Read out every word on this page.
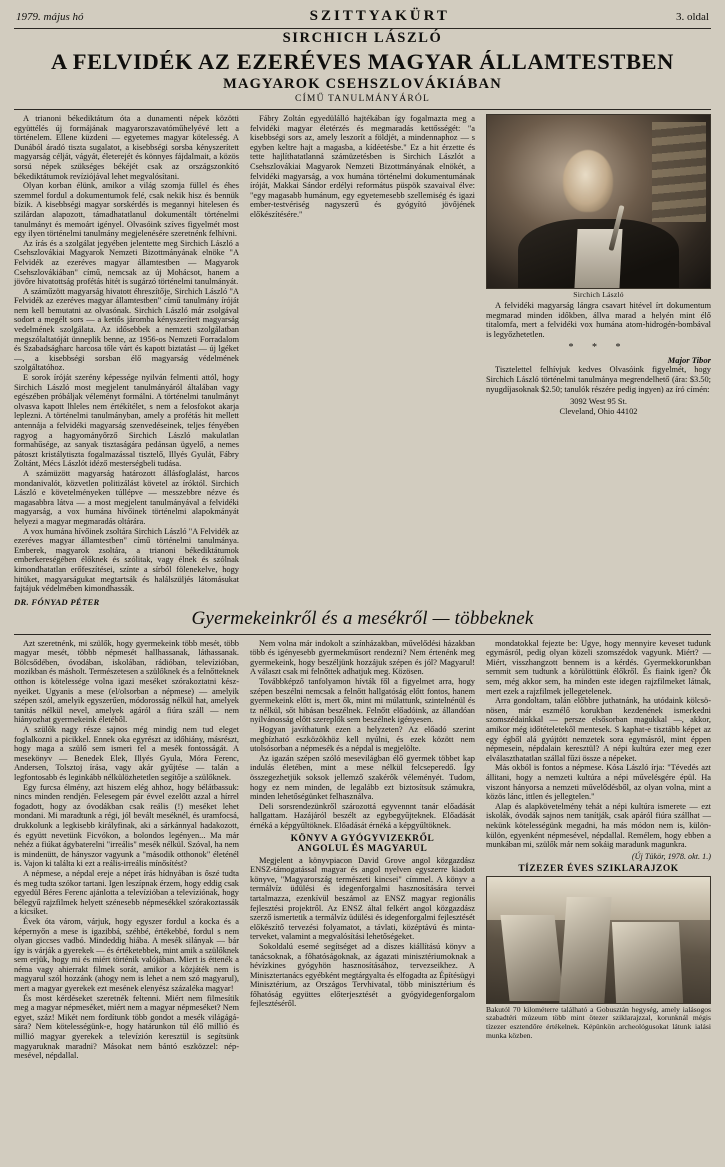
1979. május hó	SZITTYAKÜRT	3. oldal
SIRCHICH LÁSZLÓ
A FELVIDÉK AZ EZERÉVES MAGYAR ÁLLAMTESTBEN
MAGYAROK CSEHSZLOVÁKIÁBAN
CÍMŰ TANULMÁNYÁRÓL

A trianoni békediktátum óta a dunamenti népek közötti együttélés új formájának magyarorszavatóműhelyévé lett a történelem. Ellene küzdeni — egyetemes magyar kötelesség. A Dunából áradó tiszta sugalatot, a kisebbségi sorsba kényszerített magyarság célját, vágyát, életerejét és könnyes fájdalmait, a közös sorsú népek szükséges békéjét csak az országszonkító békediktátumok revíziójával lehet megvalósítani.

Olyan korban élünk, amikor a világ szomja füllel és éhes szemmel fordul a dokumentumok felé, csak nekik hisz és bennük bízik. A kisebbségi magyar sorskérdés is megannyi hitelesen és szilárdan alapozott, támadhatatlanul dokumentált történelmi tanulmányt és memoárt igényel. Olvasóink szíves figyelmét most egy ilyen történelmi tanulmány megjelenésére szeretnénk felhívni.

Az írás és a szolgálat jegyében jelentette meg Sirchich László a Csehszlovákiai Magyarok Nemzeti Bizottmányának elnöke "A Felvidék az ezeréves magyar államtestben — Magyarok Csehszlovákiában" című, nemcsak az új Mohácsot, hanem a jövőre hivatottság profétás hitét is sugárzó történelmi tanulmányát.

A száműzött magyarság hivatott éhreszítője, Sirchich László "A Felvidék az ezeréves magyar államtestben" című tanulmány íróját nem kell bemutatni az olvasónak. Sirchich László már zsolgával sodort a megélt sors — a kettős járomba kényszerített magyarság vedelmének szolgálata. Az idősebbek a nemzeti szolgálatban megszólaltatóját ünneplik benne, az 1956-os Nemzeti Forradalom és Szabadságharc harcosa tőle várt és kapott biztatást — új lgéket —, a kisebbségi sorsban élő magyarság védelmének szolgáltatóhoz.

E sorok íróját szerény képessége nyilván felmenti attól, hogy Sirchich László most megjelent tanulmányáról általában vagy egészében próbáljak véleményt formálni. A történelmi tanulmányt olvasva kapott lhleles nem értékítélet, s nem a felosfokot akarja leplezni. A történelmi tanulmányban, amely a profétás hit mellett antennája a felvidéki magyarság szenvedéseinek, teljes fényében ragyog a hagyományőrző Sirchich László makulatlan formahűsége, az sanyak tisztaságára pedánsan ügyelő, a nemes pátoszt kristálytiszta fogalmazással tisztelő, Illyés Gyulát, Fábry Zoltánt, Mécs Lászlót idéző mesterségbeli tudása.

A számüzött magyarság határozott állásfoglalást, harcos mondanivalót, közvetlen politizálást követel az íróktól. Sirchich László e követelményeken túllépve — messzebbre nézve és magasabbra látva — a most megjelent tanulmányával a felvidéki magyarság, a vox humána hívőinek történelmi alapokmányát helyezi a magyar megmaradás oltárára.

A vox humána hívőinek zsoltára Sirchich László "A Felvidék az ezeréves magyar államtestben" című történelmi tanulmánya. Emberek, magyarok zsoltára, a trianoni békediktátumok emberkereségében élőknek és szólitak, vagy élnek és szólnak kimondhatatlan erőfeszítései, színte a sírból fölenekelve, hogy hitüket, magyarságukat megtartsák és halálszüljés látomásukat fajtájuk védelmében kimondhassák.

Fábry Zoltán egyedülálló hajtékában így fogalmazta meg a felvidéki magyar életérzés és megmaradás kettősségét: "a kisebbségi sors az, amely leszorít a földjét, a mindennaphoz — s egyben keltre hajt a magasba, a kídéetésbe." Ez a hit érzette és tette hajlíthatatlanná számüzetésben is Sirchich Lászlót a Csehszlovákiai Magyarok Nemzeti Bizottmányának elnökét, a felvidéki magyarság, a vox humána történelmi dokumentumának íróját, Makkai Sándor erdélyi református püspök szavaival élve: "egy magasabb humánum, egy egyetemesebb szellemiség és igazi ember-testvériség nagyszerű és gyógyító jövőjének előkészítésére."

Sirchich László

A felvidéki magyarság lángra csavart hitével írt dokumentum megmarad minden időkben, állva marad a helyén mint élő titalomfa, mert a felvidéki vox humána atom-hidrogén-bombával is legyőzhetetlen.

* * *
Major Tibor

Tisztelettel felhívjuk kedves Olvasóink figyelmét, hogy Sirchich László történelmi tanulmánya megrendelhető (ára: $3.50; nyugdíjasoknak $2.50; tanulók részére pedig ingyen) az író címén:

3092 West 95 St.
Cleveland, Ohio 44102
DR. FÓNYAD PÉTER
Gyermekeinkről és a mesékről — többeknek

Azt szeretnénk, mi szülők, hogy gyermekeink több mesét, több magyar mesét, többb népmesét hallhassanak, láthassanak. Bölcsődében, óvodában, iskolában, rádióban, televízióban, mozikban és másholt. Természetesen a szülőknek és a felnőtteknek otthon is kötelessége volna igazi meséket szórakoztatni késznyeiket. Ugyanis a mese (el/olsorban a népmese) — amelyik szépen szól, amelyik egyszerűen, módorosság nélkül hat, amelyek tanítás nélkül nevel, amelyek agáról a fiúra száll — nem hiányozhat gyermekeink életéből.

A szülők nagy része sajnos még mindig nem tud eleget foglalkozni a picikkel. Ennek oka egyrészt az időhiány, másrészt, hogy maga a szülő sem ismeri fel a mesék fontosságát. A mesekönyv — Benedek Elek, Illyés Gyula, Móra Ferenc, Andersen, Tolsztoj írása, vagy akár gyűjtése — talán a legfontosabb és leginkább nélkülözhetetlen segítője a szülőknek.

Egy furcsa élmény, azt hiszem elég ahhoz, hogy bélátbassuk: nincs minden rendjén. Felesegem pár évvel ezelőtt azzal a hírrel fogadott, hogy az óvodákban csak reális (!) meséket lehet mondani. Mi maradtunk a régi, jól bevált meséknél, és uramfocsá, drukkolunk a legkisebb királyfinak, aki a sárkánnyal hadakozott, és együtt nevetünk Ficvókon, a bolondos legényen... Ma már nehéz a fiúkat ágybaterelni "irreális" mesék nélkül. Szóval, ha nem is mindenütt, de hányszor vagyunk a "második otthonok" életénél is. Vajon ki találta ki ezt a reális-irreális mínősítést?

A népmese, a népdal ereje a népet írás hídnyában is őszé tudta és meg tudta szókor tartani. Igen leszípnak érzem, hogy eddig csak egyedül Béres Ferenc ajánlotta a televízióban a televíziónak, hogy bélegyű rajzfilmek helyett szénesebb népmesékkel szórakoztassák a kicsiket.

Évek óta várom, várjuk, hogy egyszer fordul a kocka és a képernyőn a mese is igazibbá, széhbé, értékebbé, fordul s nem olyan giccses vadbó. Mindeddig hiába. A mesék silányak — bár így is várják a gyerekek — és értéketebbek, mint amik a szülőknek sem erjük, hogy mi és miért történik valójában. Miert is éttenék a néma vagy ahierrakt filmek sorát, amikor a közjáték nem is magyarul szól hozzánk (ahogy nem is lehet a nem szó magyarul), mert a magyar gyerekek ezt mesének elenyész százaléka magyar!

És most kérdéseket szeretnék feltenni. Miért nem filmesítik meg a magyar népmeséket, miért nem a magyar népmeséket? Nem egyet, száz! Mikét nem fordítunk több gondot a mesék világágására? Nem kötelességünk-e, hogy határunkon túl élő millió és millió magyar gyerekek a televízión keresztül is segítsünk magyaruknak maradni? Másokat nem bántó eszközzel: népmesével, népdallal.

Nem volna már indokolt a színházakban, művelődési házakban több és igényesebb gyermekműsort rendezni? Nem értenénk meg gyermekeink, hogy beszéljünk hozzájuk szépen és jól? Magyarul! A választ csak mi felnőttek adhatjuk meg. Közösen.

Továbbképző tanfolyamon hívták fől a figyelmet arra, hogy szépen beszélni nemcsak a felnőtt hallgatóság előtt fontos, hanem gyermekeink előtt is, mert ők, mint mi múlattunk, szintelnénül és tz nélkül, sőt hibásan beszélnek. Felnőtt előadóink, az állandóan nyilvánosság előtt szereplők sem beszélnek igényesen.

Hogyan javíthatunk ezen a helyzeten? Az előadó szerint megbízható eszközökhöz kell nyúlni, és ezek között nem utolsósorban a népmesék és a népdal is megjelölte.

Az igazán szépen szóló mesevilágban élő gyermek többet kap indulás életében, mint a mese nélkül felcseperedő. Így összegezhetjük soksok jellemző szakérők véleményét. Tudom, hogy ez nem minden, de legalább ezt biztosítsuk számukra, minden lehetőségünket felhasználva.

Deli sorsrendezünkről szározottá egyvennnt tanár előadását hallgattam. Hazájáról beszélt az egybegyűjteknek. Előadását érnéká a képgyűltöknek. Előadását érnéká a képgyűltöknek.

KÖNYV A GYÓGYVIZEKRŐL
ANGOLUL ÉS MAGYARUL

Megjelent a könyvpiacon David Grove angol közgazdász ENSZ-támogatással magyar és angol nyelven egyszerre kiadott könyve, "Magyarország természeti kincsei" címmel. A könyv a termálvíz üdülési és idegenforgalmi hasznosítására tervei tartalmazza, ezenkívül beszámol az ENSZ magyar regionális fejlesztési projektről. Az ENSZ által felkért angol közgazdász szerző ismertetik a termálvíz üdülési és idegenforgalmi fejlesztését előkészítő tervezési folyamatot, a távlati, középtávú és mintaterveket, valamint a megvalósítási lehetőségeket.

Sokoldalú esemé segítséget ad a díszes kiállítású könyv a tanácsoknak, a főhatóságoknak, az ágazati minisztériumoknak a hévízkines gyógyhön hasznosításához, tervezseikhez. A Minisztertanács egyébként megtárgyalta és elfogadta az Építésügyi Minisztérium, az Országos Tervhivatal, több minisztérium és főhatóság együttes előterjesztését a gyógyidegenforgalom fejlesztéséről.

mondatokkal fejezte be: Ugye, hogy mennyire keveset tudunk egymásról, pedig olyan közeli szomszédok vagyunk. Miért? — Miért, visszhangzott bennem is a kérdés. Gyermekkorunkban sernmit sem tudtunk a körülöttünk élőkről. És fiaink igen? Ők sem, még akkor sem, ha minden este idegen rajzfilmeket látnak, mert ezek a rajzfilmek jellegetelenek.

Arra gondoltam, talán előbbre juthatnánk, ha utódaink kölcsönösen, már eszmélő korukban kezdenének ismerkedni szomszédainkkal — persze elsősorban magukkal —, akkor, amikor még időtételetekől mentesek. S kaphat-e tisztább képet az egy égből alá gyújtött nemzetek sora egymásról, mint éppen népmesein, népdalain keresztül? A népi kultúra ezer meg ezer elválaszthatatlan szállal fűzi össze a népeket.

Más okból is fontos a népmese. Kósa László írja: "Tévedés azt állitani, hogy a nemzeti kultúra a népi művelésgére épül. Ha viszont hányorsa a nemzeti művelődésből, az olyan volna, mint a közös lánc, ittlen és jellegtelen."

Alap és alapkövetelmény tehát a népi kultúra ismerete — ezt iskolák, óvodák sajnos nem tanítják, csak apáról fiúra szállhat — nekünk kötelességünk megadni, ha más módon nem is, külön-külön, egyenként népmesével, népdallal. Remélem, hogy ebben a munkában mi, szülők már nem sokáig maradunk magunkra.

(Új Tükör, 1978. okt. 1.)
TÍZEZER ÉVES SZIKLARAJZOK
Bakutól 70 kilométerre található a Gobusztán hegység, amely ialásogos szabadtéri múzeum több mint ötezer sziklarajzzal, korunknál mégis tízezer esztendőre értékelnek. Képünkön archeológusokat látunk ialási munka közben.
